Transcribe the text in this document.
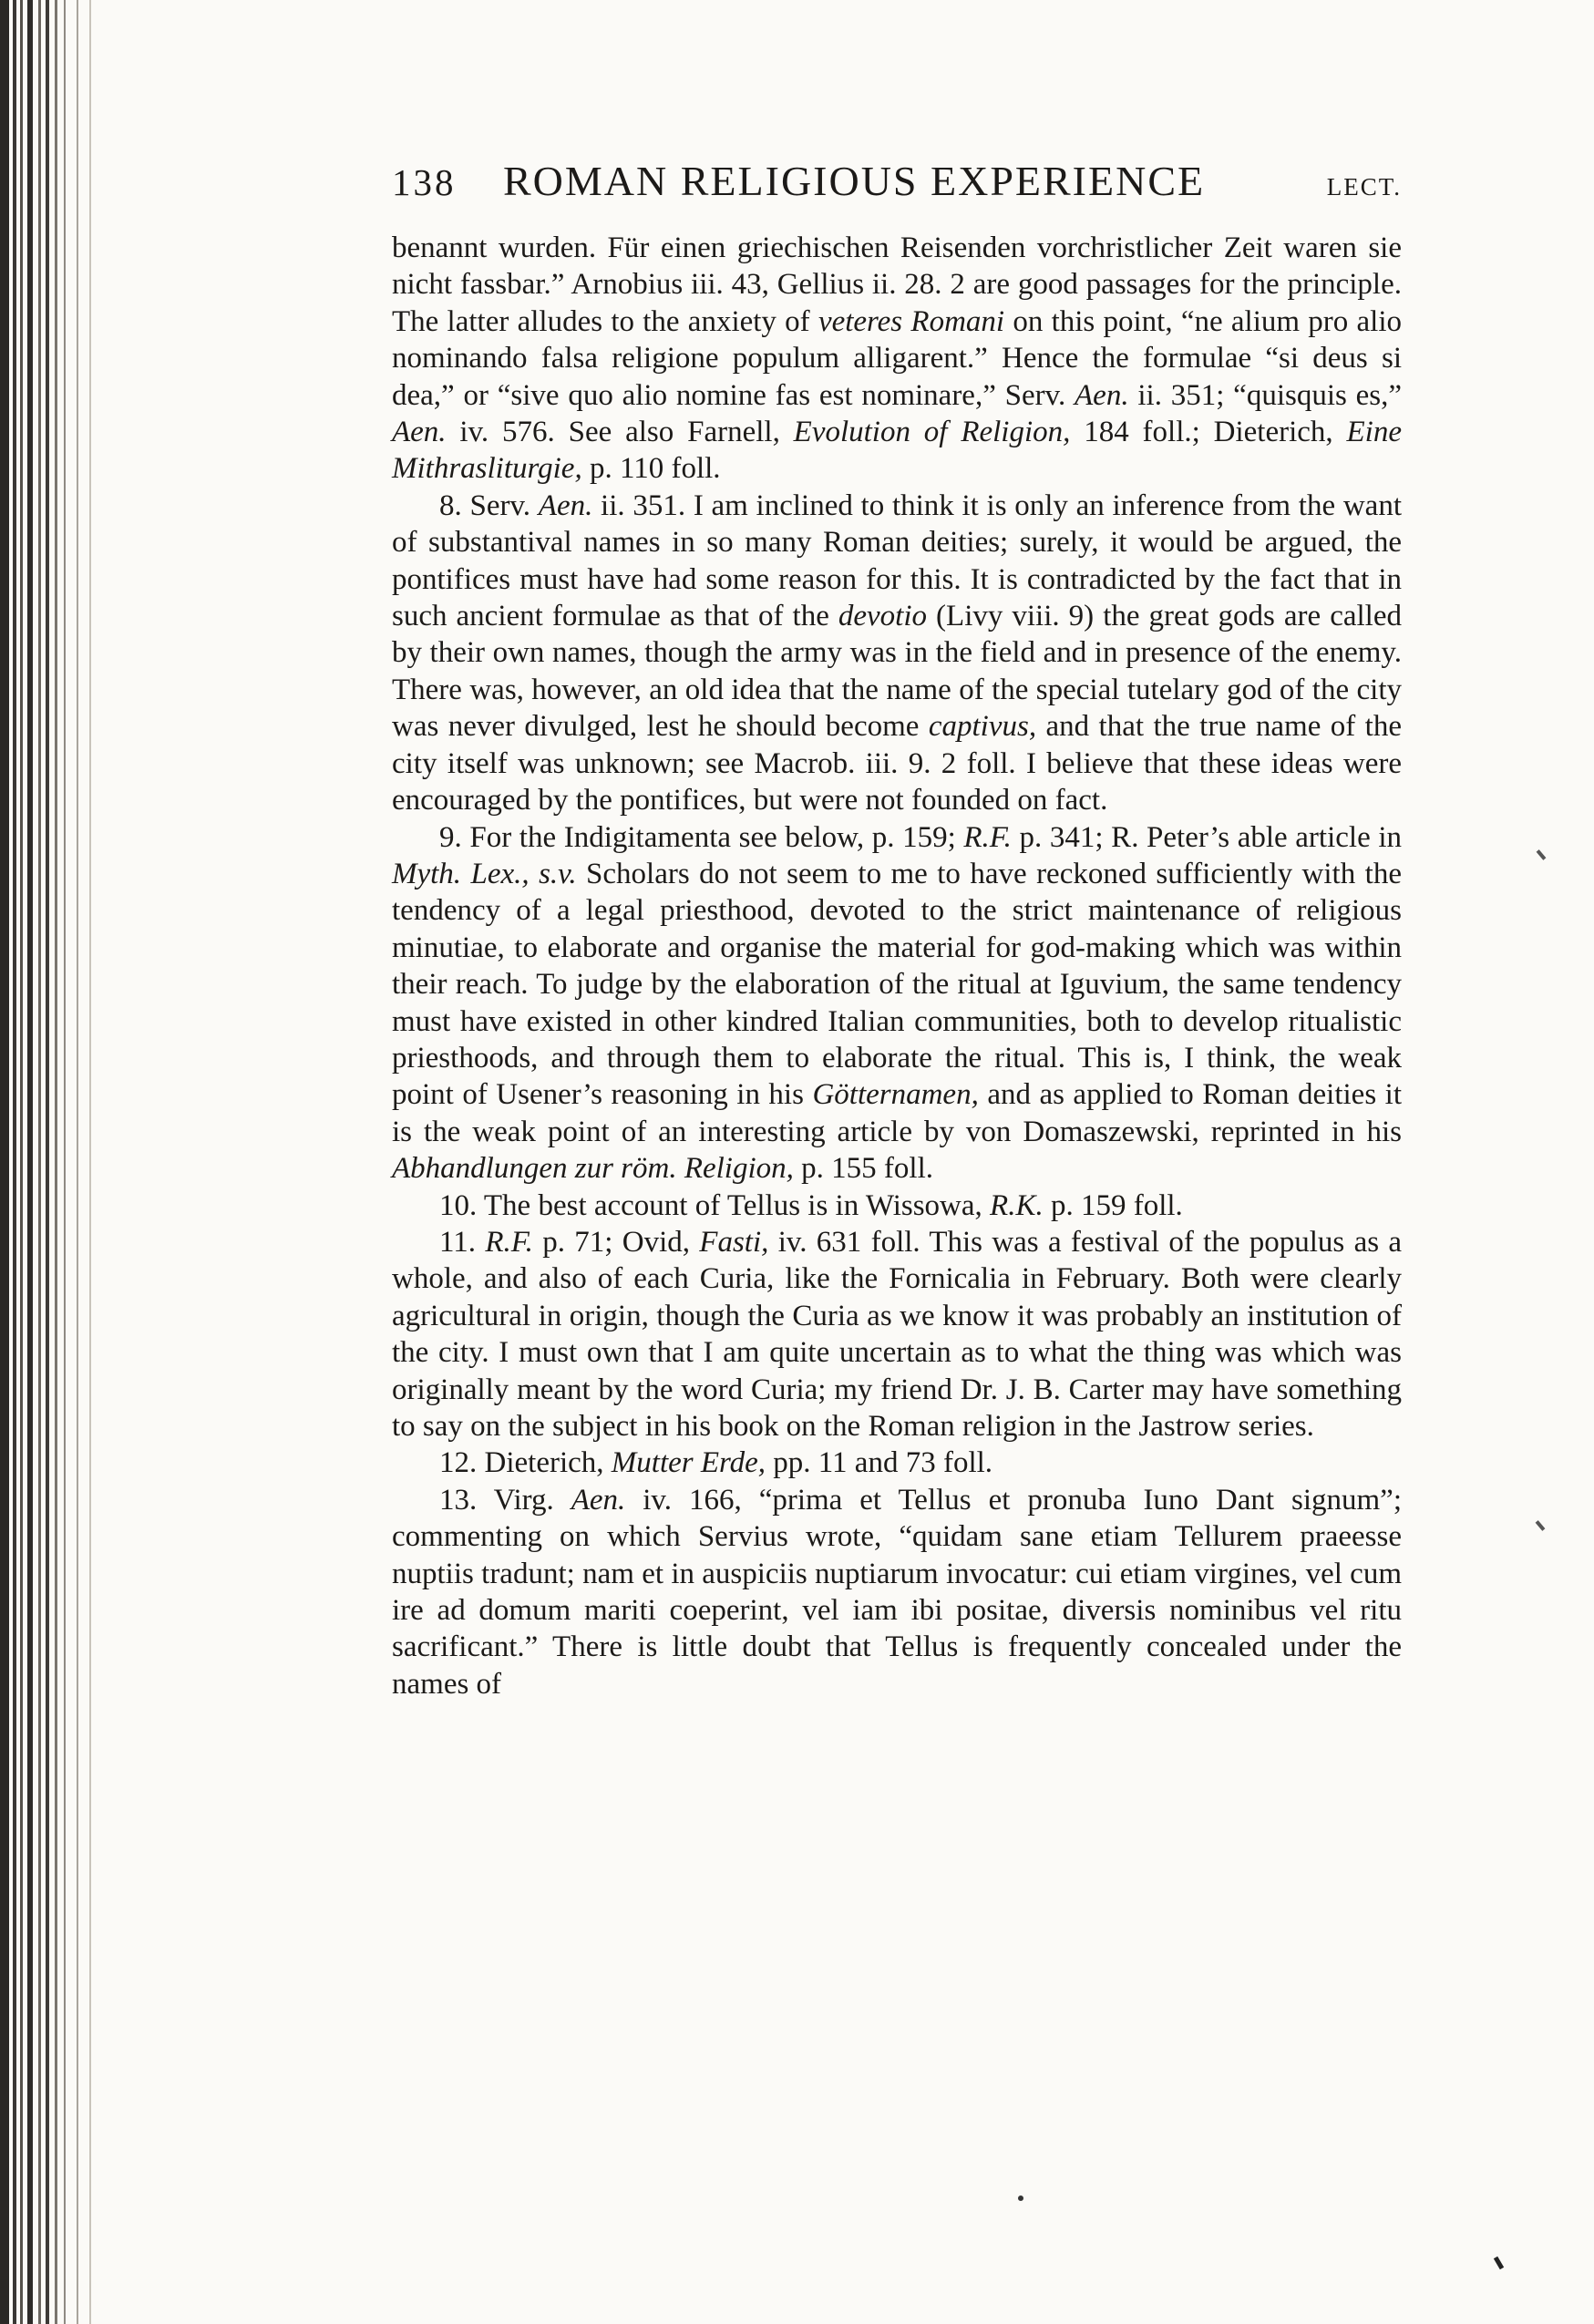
138 ROMAN RELIGIOUS EXPERIENCE	LECT.

benannt wurden. Für einen griechischen Reisenden vorchristlicher Zeit waren sie nicht fassbar.” Arnobius iii. 43, Gellius ii. 28. 2 are good passages for the principle. The latter alludes to the anxiety of veteres Romani on this point, “ne alium pro alio nominando falsa religione populum alligarent.” Hence the formulae “si deus si dea,” or “sive quo alio nomine fas est nominare,” Serv. Aen. ii. 351; “quisquis es,” Aen. iv. 576. See also Farnell, Evolution of Religion, 184 foll.; Dieterich, Eine Mithrasliturgie, p. 110 foll.

8. Serv. Aen. ii. 351. I am inclined to think it is only an inference from the want of substantival names in so many Roman deities; surely, it would be argued, the pontifices must have had some reason for this. It is contradicted by the fact that in such ancient formulae as that of the devotio (Livy viii. 9) the great gods are called by their own names, though the army was in the field and in presence of the enemy. There was, however, an old idea that the name of the special tutelary god of the city was never divulged, lest he should become captivus, and that the true name of the city itself was unknown; see Macrob. iii. 9. 2 foll. I believe that these ideas were encouraged by the pontifices, but were not founded on fact.

9. For the Indigitamenta see below, p. 159; R.F. p. 341; R. Peter’s able article in Myth. Lex., s.v. Scholars do not seem to me to have reckoned sufficiently with the tendency of a legal priesthood, devoted to the strict maintenance of religious minutiae, to elaborate and organise the material for god-making which was within their reach. To judge by the elaboration of the ritual at Iguvium, the same tendency must have existed in other kindred Italian communities, both to develop ritualistic priesthoods, and through them to elaborate the ritual. This is, I think, the weak point of Usener’s reasoning in his Götternamen, and as applied to Roman deities it is the weak point of an interesting article by von Domaszewski, reprinted in his Abhandlungen zur röm. Religion, p. 155 foll.

10. The best account of Tellus is in Wissowa, R.K. p. 159 foll.

11. R.F. p. 71; Ovid, Fasti, iv. 631 foll. This was a festival of the populus as a whole, and also of each Curia, like the Fornicalia in February. Both were clearly agricultural in origin, though the Curia as we know it was probably an institution of the city. I must own that I am quite uncertain as to what the thing was which was originally meant by the word Curia; my friend Dr. J. B. Carter may have something to say on the subject in his book on the Roman religion in the Jastrow series.

12. Dieterich, Mutter Erde, pp. 11 and 73 foll.

13. Virg. Aen. iv. 166, “prima et Tellus et pronuba Iuno Dant signum”; commenting on which Servius wrote, “quidam sane etiam Tellurem praeesse nuptiis tradunt; nam et in auspiciis nuptiarum invocatur: cui etiam virgines, vel cum ire ad domum mariti coeperint, vel iam ibi positae, diversis nominibus vel ritu sacrificant.” There is little doubt that Tellus is frequently concealed under the names of
